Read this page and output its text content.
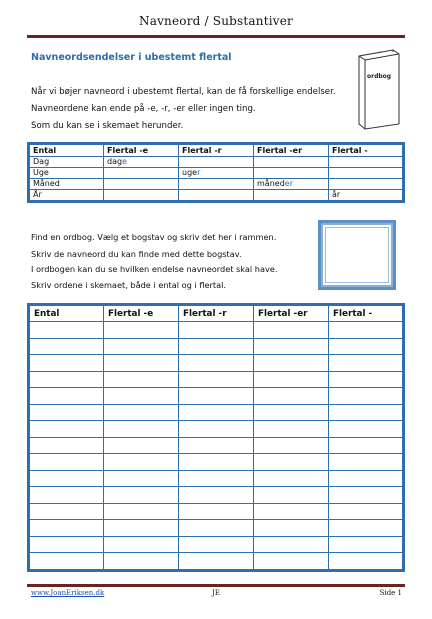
Navneord / Substantiver
Navneordsendelser i ubestemt flertal
Når vi bøjer navneord i ubestemt flertal, kan de få forskellige endelser.
Navneordene kan ende på -e, -r, -er eller ingen ting.
Som du kan se i skemaet herunder.
ordbog
Ental	Flertal -e	Flertal -r	Flertal -er	Flertal -
Dag	dage			
Uge		uger		
Måned			måneder	
År				år
Find en ordbog. Vælg et bogstav og skriv det her i rammen.
Skriv de navneord du kan finde med dette bogstav.
I ordbogen kan du se hvilken endelse navneordet skal have.
Skriv ordene i skemaet, både i ental og i flertal.
Ental	Flertal -e	Flertal -r	Flertal -er	Flertal -

www.JoanEriksen.dk	JE	Side 1
